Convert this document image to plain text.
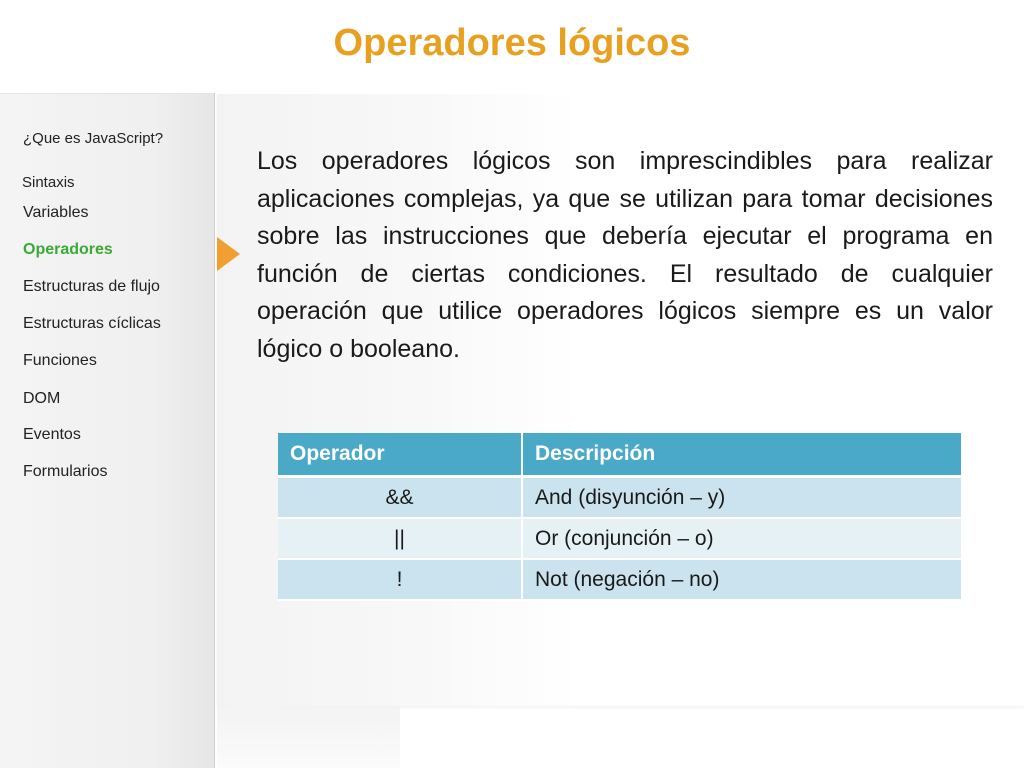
Operadores lógicos
¿Que es JavaScript?
Sintaxis
Variables
Operadores
Estructuras de flujo
Estructuras cíclicas
Funciones
DOM
Eventos
Formularios
Los operadores lógicos son imprescindibles para realizar aplicaciones complejas, ya que se utilizan para tomar decisiones sobre las instrucciones que debería ejecutar el programa en función de ciertas condiciones. El resultado de cualquier operación que utilice operadores lógicos siempre es un valor lógico o booleano.
Operador	Descripción
&&	And (disyunción – y)
||	Or (conjunción – o)
!	Not (negación – no)
